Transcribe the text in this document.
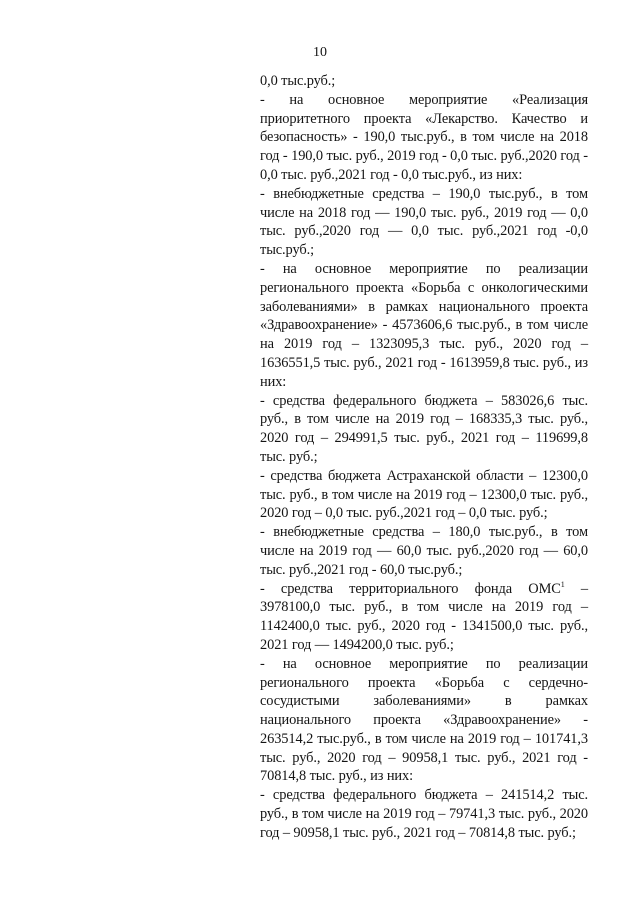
10

0,0 тыс.руб.;

- на основное мероприятие «Реализация приоритетного проекта «Лекарство. Качество и безопасность» - 190,0 тыс.руб., в том числе на 2018 год - 190,0 тыс. руб., 2019 год - 0,0 тыс. руб.,2020 год - 0,0 тыс. руб.,2021 год - 0,0 тыс.руб., из них:

- внебюджетные средства – 190,0 тыс.руб., в том числе на 2018 год — 190,0 тыс. руб., 2019 год — 0,0 тыс. руб.,2020 год — 0,0 тыс. руб.,2021 год -0,0 тыс.руб.;

- на основное мероприятие по реализации регионального проекта «Борьба с онкологическими заболеваниями» в рамках национального проекта «Здравоохранение» - 4573606,6 тыс.руб., в том числе на 2019 год – 1323095,3 тыс. руб., 2020 год – 1636551,5 тыс. руб., 2021 год - 1613959,8 тыс. руб., из них:

- средства федерального бюджета – 583026,6 тыс. руб., в том числе на 2019 год – 168335,3 тыс. руб., 2020 год – 294991,5 тыс. руб., 2021 год – 119699,8 тыс. руб.;

- средства бюджета Астраханской области – 12300,0 тыс. руб., в том числе на 2019 год – 12300,0 тыс. руб., 2020 год – 0,0 тыс. руб.,2021 год – 0,0 тыс. руб.;

- внебюджетные средства – 180,0 тыс.руб., в том числе на 2019 год — 60,0 тыс. руб.,2020 год — 60,0 тыс. руб.,2021 год - 60,0 тыс.руб.;

- средства территориального фонда ОМС$^1$ – 3978100,0 тыс. руб., в том числе на 2019 год – 1142400,0 тыс. руб., 2020 год - 1341500,0 тыс. руб., 2021 год — 1494200,0 тыс. руб.;

- на основное мероприятие по реализации регионального проекта «Борьба с сердечно- сосудистыми заболеваниями» в рамках национального проекта «Здравоохранение» - 263514,2 тыс.руб., в том числе на 2019 год – 101741,3 тыс. руб., 2020 год – 90958,1 тыс. руб., 2021 год - 70814,8 тыс. руб., из них:

- средства федерального бюджета – 241514,2 тыс. руб., в том числе на 2019 год – 79741,3 тыс. руб., 2020 год – 90958,1 тыс. руб., 2021 год – 70814,8 тыс. руб.;
